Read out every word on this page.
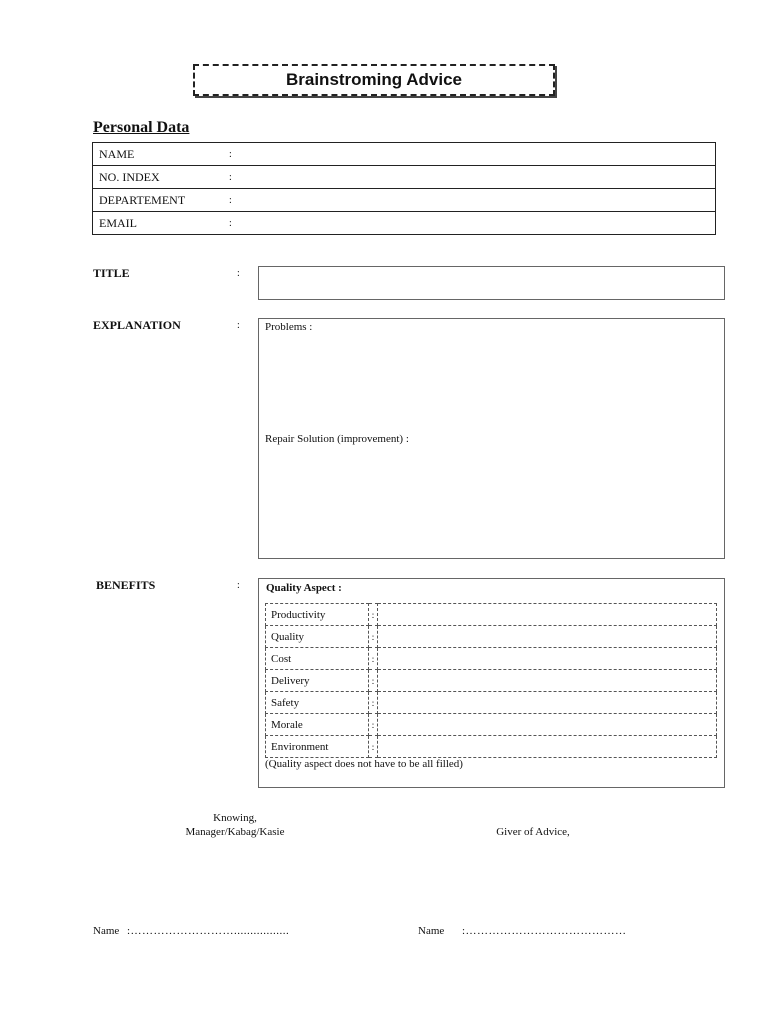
Brainstroming Advice
Personal Data
NAME	:	
NO. INDEX	:	
DEPARTEMENT	:	
EMAIL	:	
TITLE	:
EXPLANATION	: Problems :
Repair Solution (improvement) :
BENEFITS	: Quality Aspect :
Productivity	:	
Quality	:	
Cost	:	
Delivery	:	
Safety	:	
Morale	:	
Environment	:	
(Quality aspect does not have to be all filled)
Knowing,
Manager/Kabag/Kasie	Giver of Advice,
Name :……………………….................	Name :……………………………………
